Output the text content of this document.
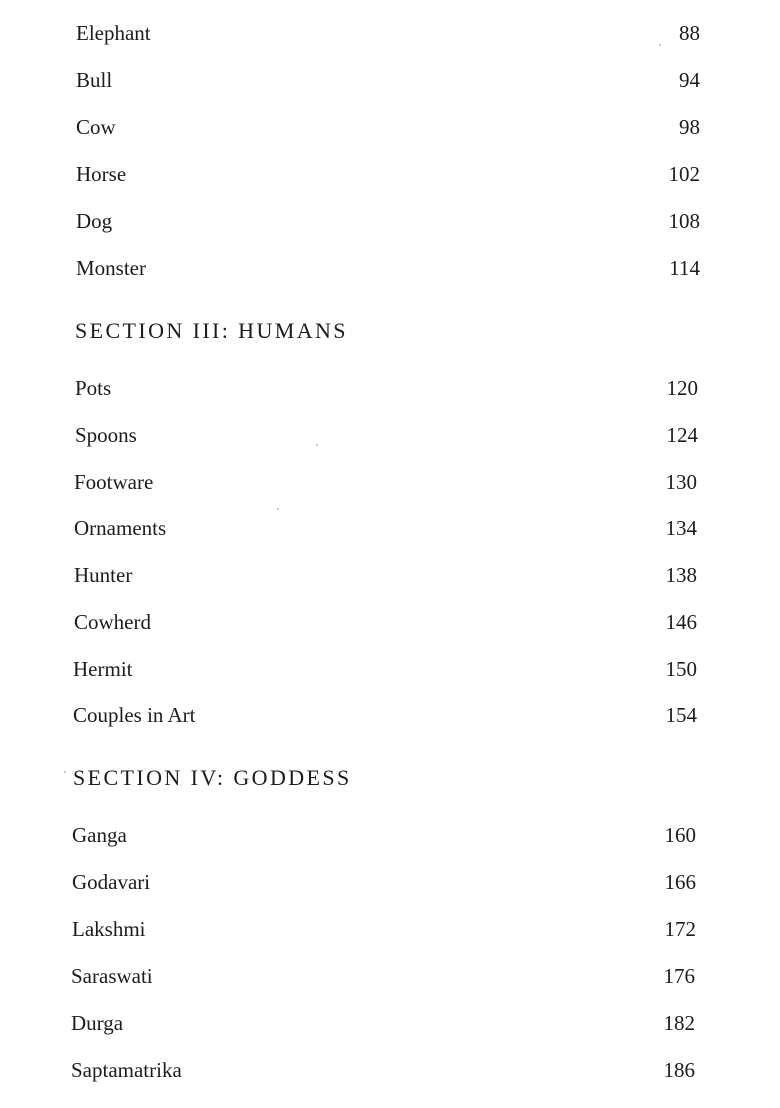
Elephant	88
Bull	94
Cow	98
Horse	102
Dog	108
Monster	114
SECTION III: HUMANS
Pots	120
Spoons	124
Footware	130
Ornaments	134
Hunter	138
Cowherd	146
Hermit	150
Couples in Art	154
SECTION IV: GODDESS
Ganga	160
Godavari	166
Lakshmi	172
Saraswati	176
Durga	182
Saptamatrika	186
